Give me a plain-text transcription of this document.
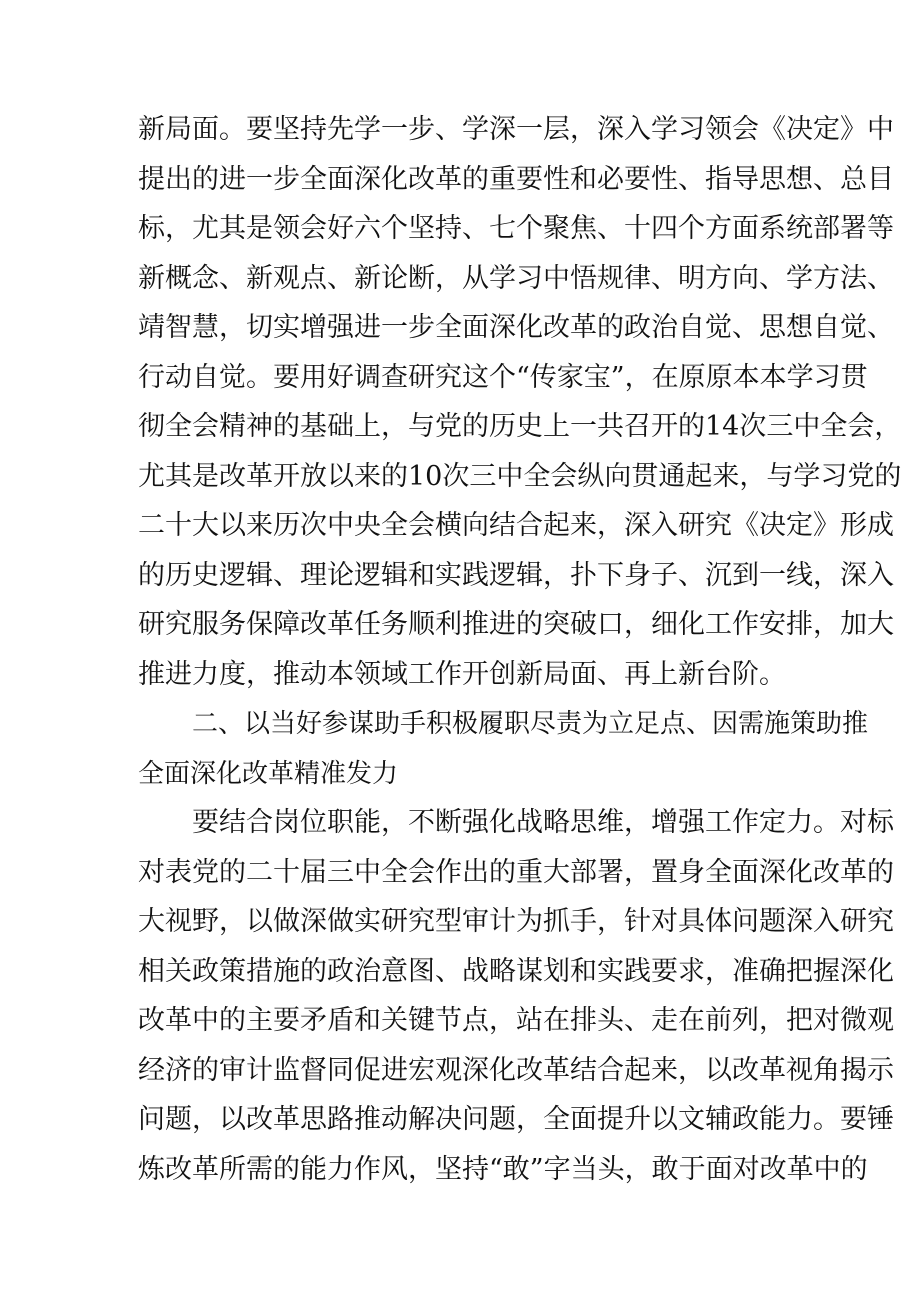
新局面。要坚持先学一步、学深一层，深入学习领会《决定》中

提出的进一步全面深化改革的重要性和必要性、指导思想、总目

标，尤其是领会好六个坚持、七个聚焦、十四个方面系统部署等

新概念、新观点、新论断，从学习中悟规律、明方向、学方法、

靖智慧，切实增强进一步全面深化改革的政治自觉、思想自觉、

行动自觉。要用好调查研究这个“传家宝”，在原原本本学习贯

彻全会精神的基础上，与党的历史上一共召开的14次三中全会，

尤其是改革开放以来的10次三中全会纵向贯通起来，与学习党的

二十大以来历次中央全会横向结合起来，深入研究《决定》形成

的历史逻辑、理论逻辑和实践逻辑，扑下身子、沉到一线，深入

研究服务保障改革任务顺利推进的突破口，细化工作安排，加大

推进力度，推动本领域工作开创新局面、再上新台阶。

二、以当好参谋助手积极履职尽责为立足点、因需施策助推

全面深化改革精准发力

要结合岗位职能，不断强化战略思维，增强工作定力。对标

对表党的二十届三中全会作出的重大部署，置身全面深化改革的

大视野，以做深做实研究型审计为抓手，针对具体问题深入研究

相关政策措施的政治意图、战略谋划和实践要求，准确把握深化

改革中的主要矛盾和关键节点，站在排头、走在前列，把对微观

经济的审计监督同促进宏观深化改革结合起来，以改革视角揭示

问题，以改革思路推动解决问题，全面提升以文辅政能力。要锤

炼改革所需的能力作风，坚持“敢”字当头，敢于面对改革中的
